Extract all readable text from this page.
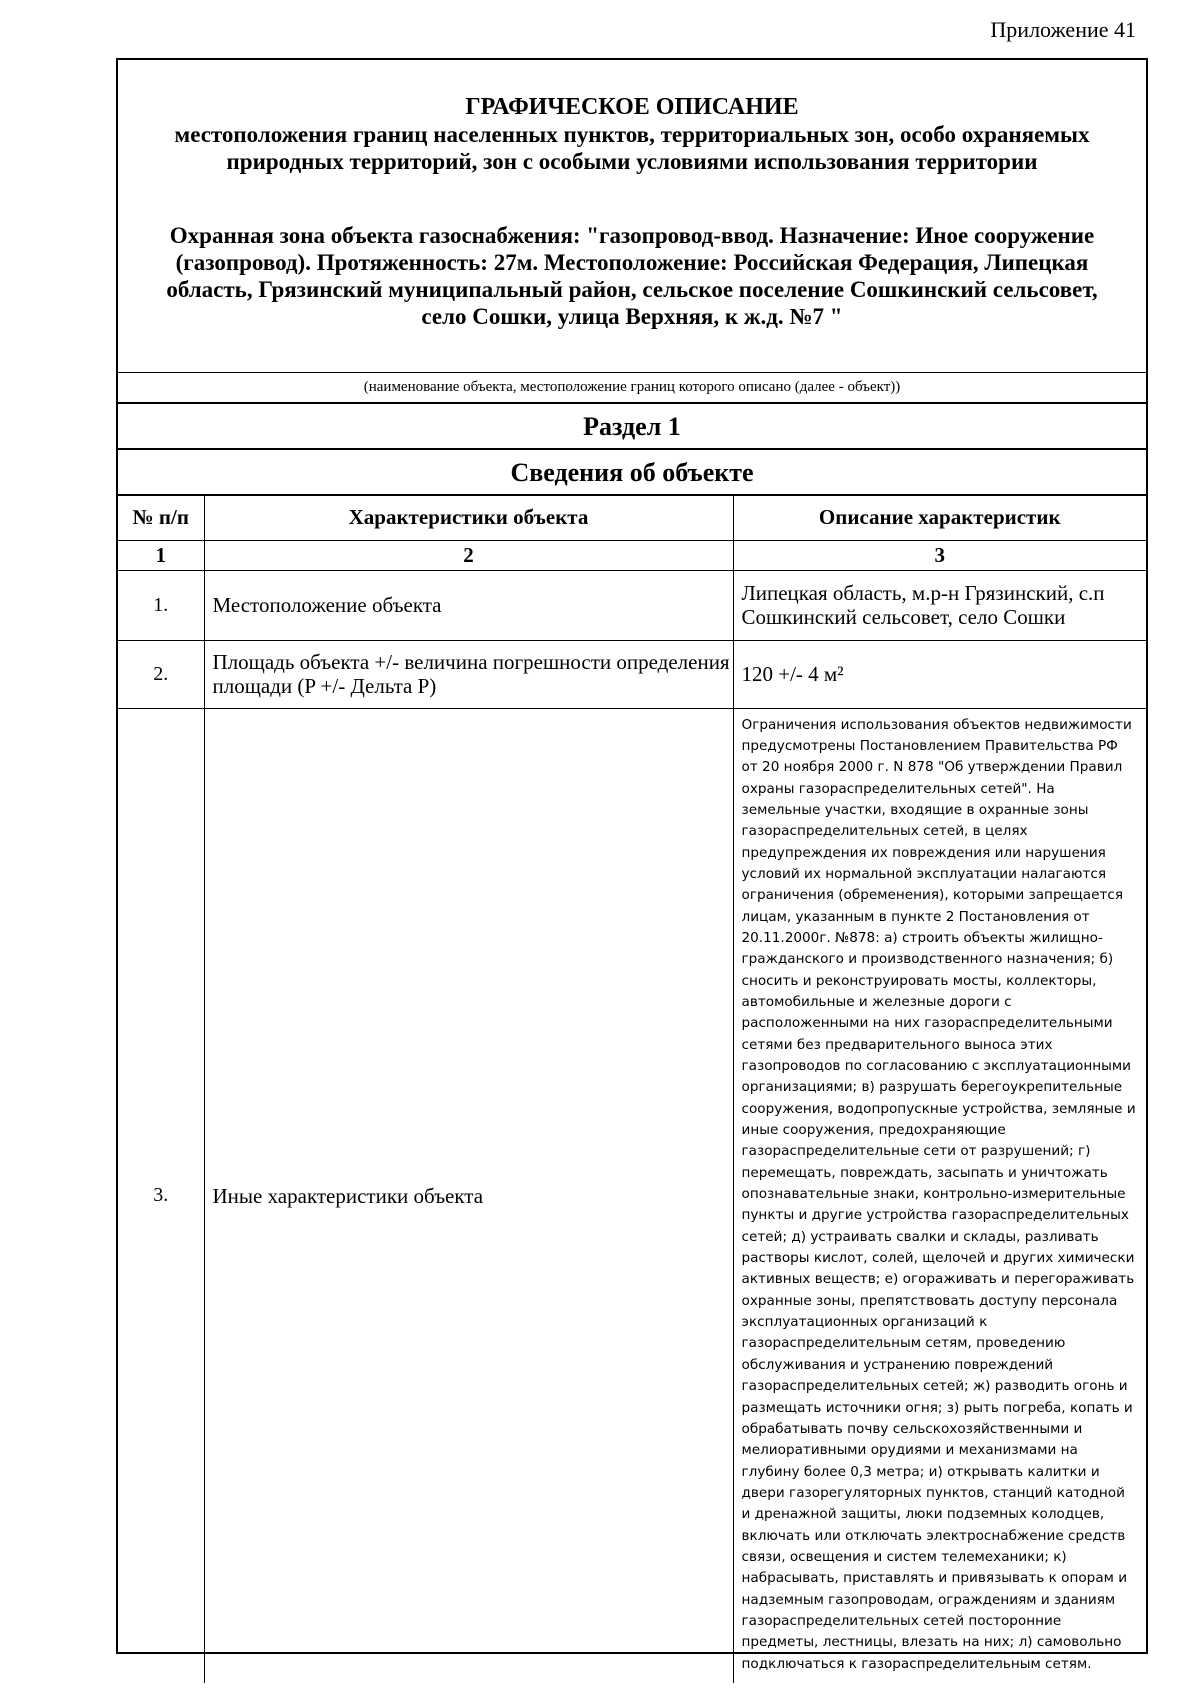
Приложение 41
ГРАФИЧЕСКОЕ ОПИСАНИЕ
местоположения границ населенных пунктов, территориальных зон, особо охраняемых природных территорий, зон с особыми условиями использования территории
Охранная зона объекта газоснабжения: "газопровод-ввод. Назначение: Иное сооружение (газопровод). Протяженность: 27м. Местоположение: Российская Федерация, Липецкая область, Грязинский муниципальный район, сельское поселение Сошкинский сельсовет, село Сошки, улица Верхняя, к ж.д. №7 "
(наименование объекта, местоположение границ которого описано (далее - объект))
Раздел 1
Сведения об объекте
№ п/п	Характеристики объекта	Описание характеристик
1	2	3
1.	Местоположение объекта	Липецкая область, м.р-н Грязинский, с.п Сошкинский сельсовет, село Сошки
2.	Площадь объекта +/- величина погрешности определения площади (P +/- Дельта P)	120 +/- 4 м²
3.	Иные характеристики объекта	Ограничения использования объектов недвижимости предусмотрены Постановлением Правительства РФ от 20 ноября 2000 г. N 878 "Об утверждении Правил охраны газораспределительных сетей". На земельные участки, входящие в охранные зоны газораспределительных сетей, в целях предупреждения их повреждения или нарушения условий их нормальной эксплуатации налагаются ограничения (обременения), которыми запрещается лицам, указанным в пункте 2 Постановления от 20.11.2000г. №878: а) строить объекты жилищно-гражданского и производственного назначения; б) сносить и реконструировать мосты, коллекторы, автомобильные и железные дороги с расположенными на них газораспределительными сетями без предварительного выноса этих газопроводов по согласованию с эксплуатационными организациями; в) разрушать берегоукрепительные сооружения, водопропускные устройства, земляные и иные сооружения, предохраняющие газораспределительные сети от разрушений; г) перемещать, повреждать, засыпать и уничтожать опознавательные знаки, контрольно-измерительные пункты и другие устройства газораспределительных сетей; д) устраивать свалки и склады, разливать растворы кислот, солей, щелочей и других химически активных веществ; е) огораживать и перегораживать охранные зоны, препятствовать доступу персонала эксплуатационных организаций к газораспределительным сетям, проведению обслуживания и устранению повреждений газораспределительных сетей; ж) разводить огонь и размещать источники огня; з) рыть погреба, копать и обрабатывать почву сельскохозяйственными и мелиоративными орудиями и механизмами на глубину более 0,3 метра; и) открывать калитки и двери газорегуляторных пунктов, станций катодной и дренажной защиты, люки подземных колодцев, включать или отключать электроснабжение средств связи, освещения и систем телемеханики; к) набрасывать, приставлять и привязывать к опорам и надземным газопроводам, ограждениям и зданиям газораспределительных сетей посторонние предметы, лестницы, влезать на них; л) самовольно подключаться к газораспределительным сетям.
